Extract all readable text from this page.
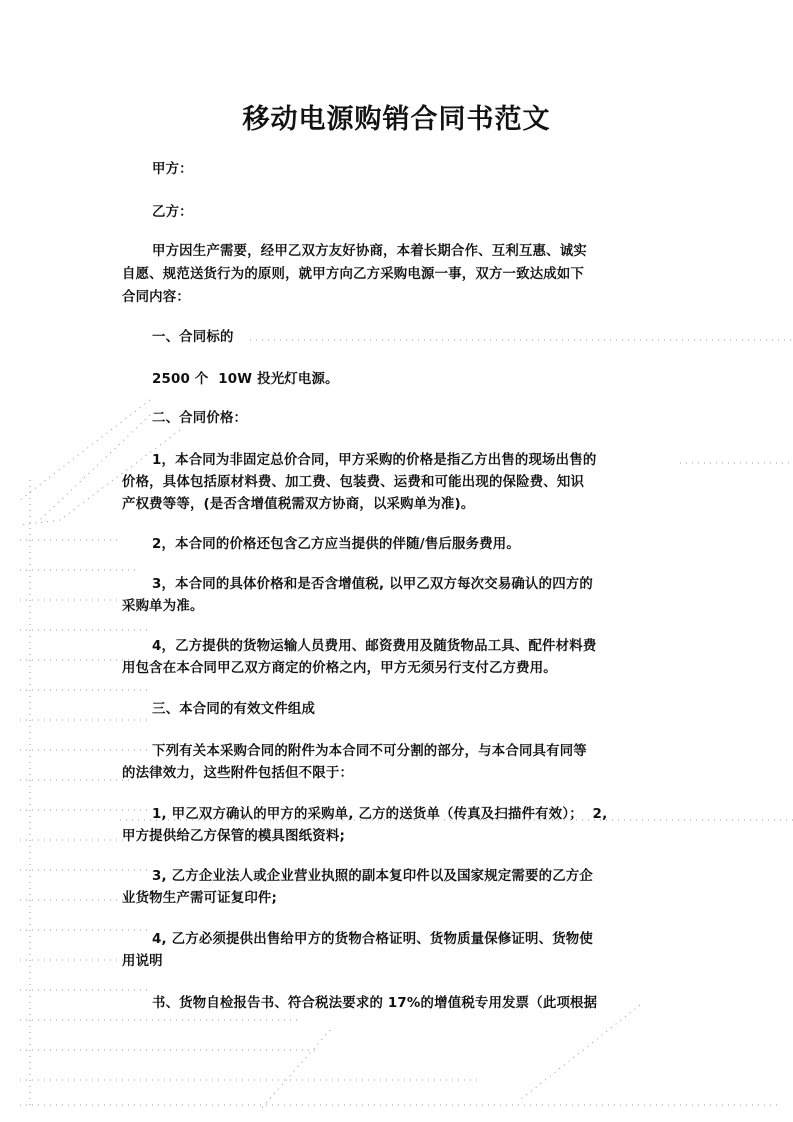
移动电源购销合同书范文
甲方：
乙方：
甲方因生产需要，经甲乙双方友好协商，本着长期合作、互利互惠、诚实
自愿、规范送货行为的原则，就甲方向乙方采购电源一事，双方一致达成如下
合同内容：
一、合同标的
2500 个  10W 投光灯电源。
二、合同价格：
1，本合同为非固定总价合同，甲方采购的价格是指乙方出售的现场出售的
价格，具体包括原材料费、加工费、包装费、运费和可能出现的保险费、知识
产权费等等，(是否含增值税需双方协商，以采购单为准)。
2，本合同的价格还包含乙方应当提供的伴随/售后服务费用。
3，本合同的具体价格和是否含增值税, 以甲乙双方每次交易确认的四方的
采购单为准。
4，乙方提供的货物运输人员费用、邮资费用及随货物品工具、配件材料费
用包含在本合同甲乙双方商定的价格之内，甲方无须另行支付乙方费用。
三、本合同的有效文件组成
下列有关本采购合同的附件为本合同不可分割的部分，与本合同具有同等
的法律效力，这些附件包括但不限于：
1, 甲乙双方确认的甲方的采购单, 乙方的送货单（传真及扫描件有效）；  2,
甲方提供给乙方保管的模具图纸资料;
3, 乙方企业法人或企业营业执照的副本复印件以及国家规定需要的乙方企
业货物生产需可证复印件;
4, 乙方必须提供出售给甲方的货物合格证明、货物质量保修证明、货物使
用说明
书、货物自检报告书、符合税法要求的 17%的增值税专用发票（此项根据
